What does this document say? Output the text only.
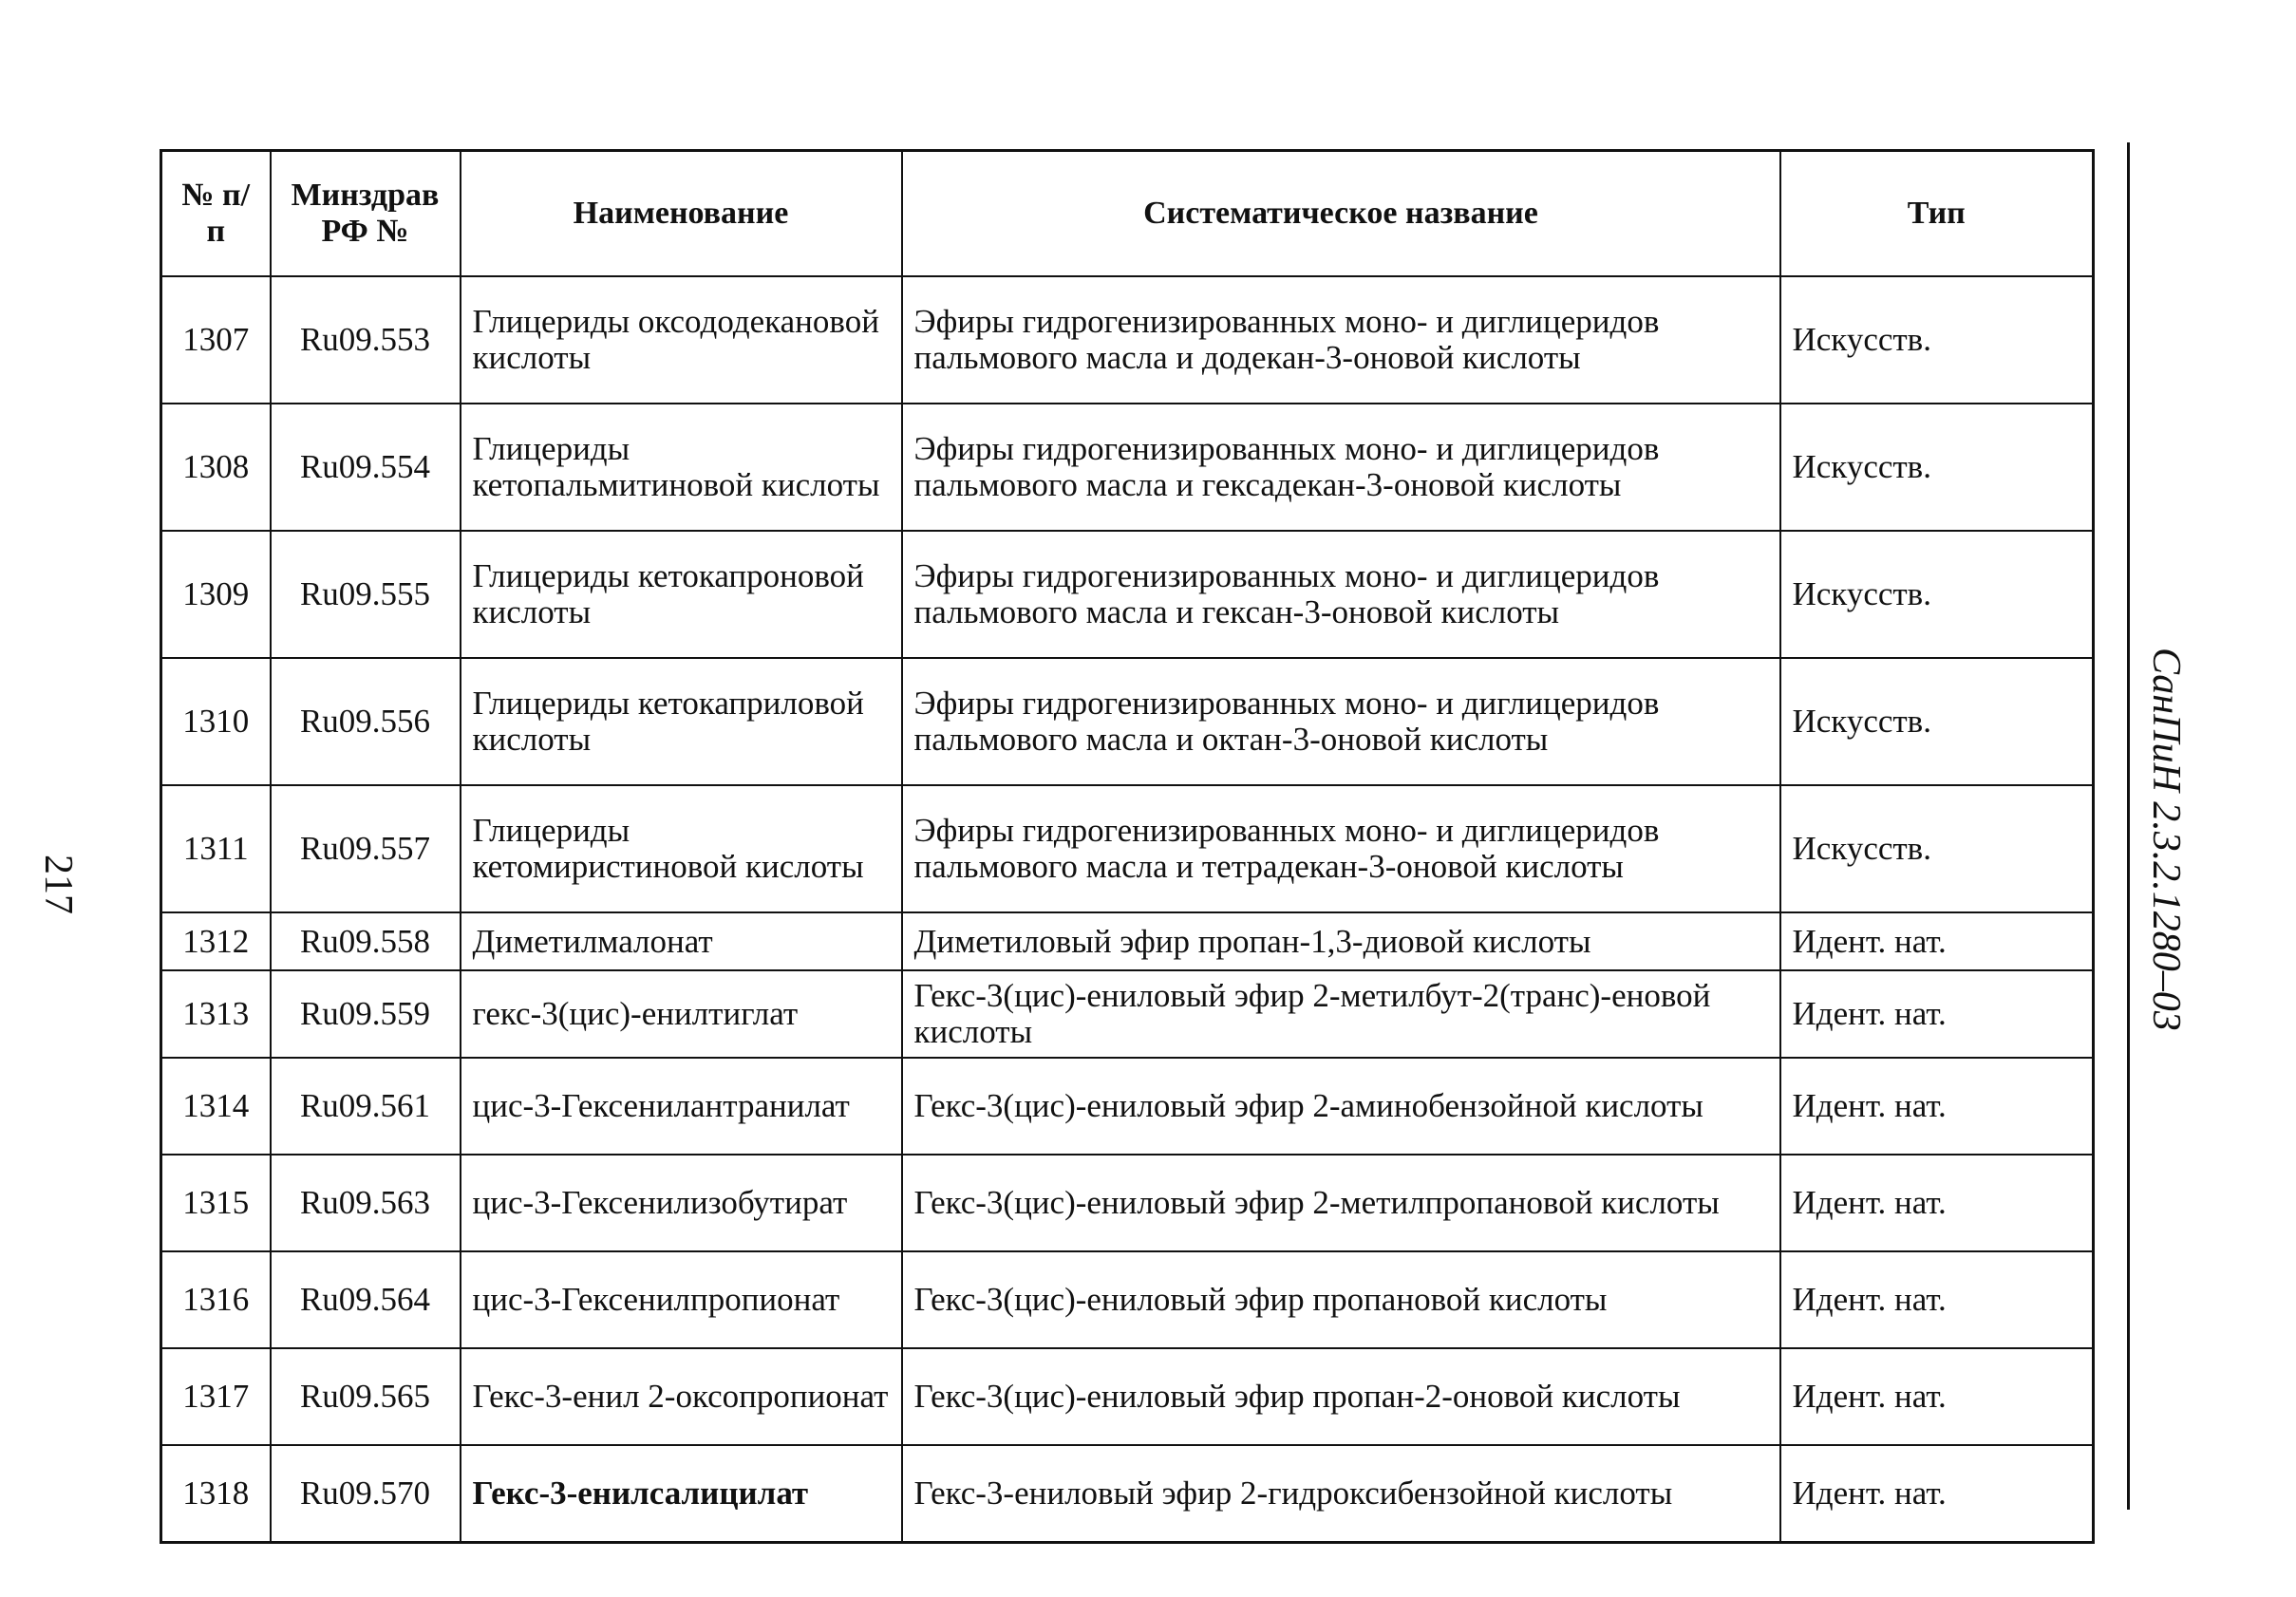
217	СанПиН 2.3.2.1280–03
№ п/п	Минздрав РФ №	Наименование	Систематическое название	Тип
1307	Ru09.553	Глицериды оксододекановой кислоты	Эфиры гидрогенизированных моно- и диглицеридов пальмового масла и додекан-3-оновой кислоты	Искусств.
1308	Ru09.554	Глицериды кетопальмитиновой кислоты	Эфиры гидрогенизированных моно- и диглицеридов пальмового масла и гексадекан-3-оновой кислоты	Искусств.
1309	Ru09.555	Глицериды кетокапроновой кислоты	Эфиры гидрогенизированных моно- и диглицеридов пальмового масла и гексан-3-оновой кислоты	Искусств.
1310	Ru09.556	Глицериды кетокаприловой кислоты	Эфиры гидрогенизированных моно- и диглицеридов пальмового масла и октан-3-оновой кислоты	Искусств.
1311	Ru09.557	Глицериды кетомиристиновой кислоты	Эфиры гидрогенизированных моно- и диглицеридов пальмового масла и тетрадекан-3-оновой кислоты	Искусств.
1312	Ru09.558	Диметилмалонат	Диметиловый эфир пропан-1,3-диовой кислоты	Идент. нат.
1313	Ru09.559	гекс-3(цис)-енилтиглат	Гекс-3(цис)-ениловый эфир 2-метилбут-2(транс)-еновой кислоты	Идент. нат.
1314	Ru09.561	цис-3-Гексенилантранилат	Гекс-3(цис)-ениловый эфир 2-аминобензойной кислоты	Идент. нат.
1315	Ru09.563	цис-3-Гексенилизобутират	Гекс-3(цис)-ениловый эфир 2-метилпропановой кислоты	Идент. нат.
1316	Ru09.564	цис-3-Гексенилпропионат	Гекс-3(цис)-ениловый эфир пропановой кислоты	Идент. нат.
1317	Ru09.565	Гекс-3-енил 2-оксопропионат	Гекс-3(цис)-ениловый эфир пропан-2-оновой кислоты	Идент. нат.
1318	Ru09.570	Гекс-3-енилсалицилат	Гекс-3-ениловый эфир 2-гидроксибензойной кислоты	Идент. нат.
